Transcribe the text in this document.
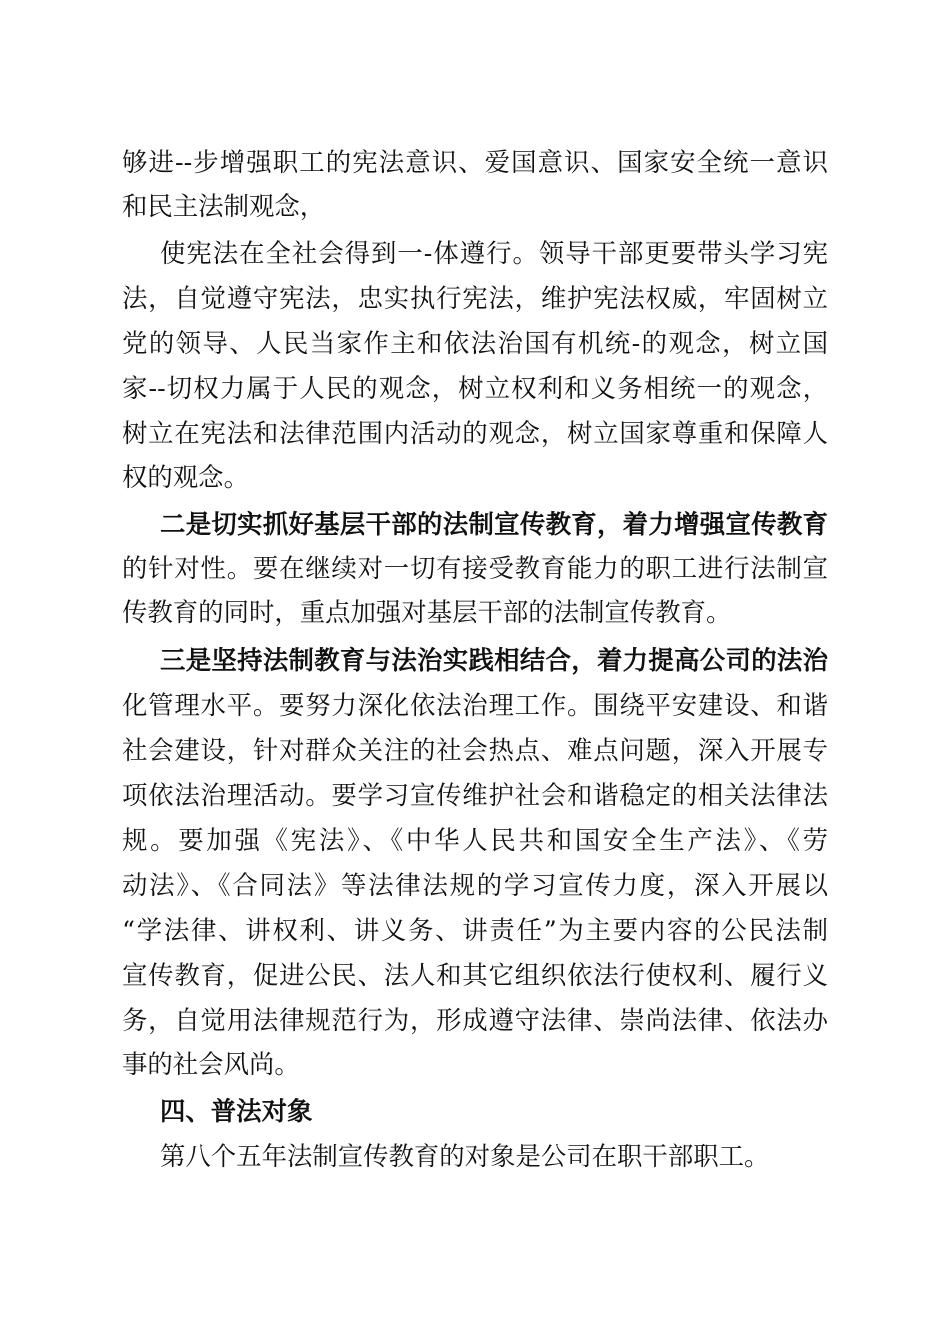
够进--步增强职工的宪法意识、爱国意识、国家安全统一意识
和民主法制观念，
使宪法在全社会得到一-体遵行。领导干部更要带头学习宪
法，自觉遵守宪法，忠实执行宪法，维护宪法权威，牢固树立
党的领导、人民当家作主和依法治国有机统-的观念，树立国
家--切权力属于人民的观念，树立权利和义务相统一的观念，
树立在宪法和法律范围内活动的观念，树立国家尊重和保障人
权的观念。
二是切实抓好基层干部的法制宣传教育，着力增强宣传教育
的针对性。要在继续对一切有接受教育能力的职工进行法制宣
传教育的同时，重点加强对基层干部的法制宣传教育。
三是坚持法制教育与法治实践相结合，着力提高公司的法治
化管理水平。要努力深化依法治理工作。围绕平安建设、和谐
社会建设，针对群众关注的社会热点、难点问题，深入开展专
项依法治理活动。要学习宣传维护社会和谐稳定的相关法律法
规。要加强《宪法》、《中华人民共和国安全生产法》、《劳
动法》、《合同法》等法律法规的学习宣传力度，深入开展以
“学法律、讲权利、讲义务、讲责任”为主要内容的公民法制
宣传教育，促进公民、法人和其它组织依法行使权利、履行义
务，自觉用法律规范行为，形成遵守法律、崇尚法律、依法办
事的社会风尚。
四、普法对象
第八个五年法制宣传教育的对象是公司在职干部职工。
